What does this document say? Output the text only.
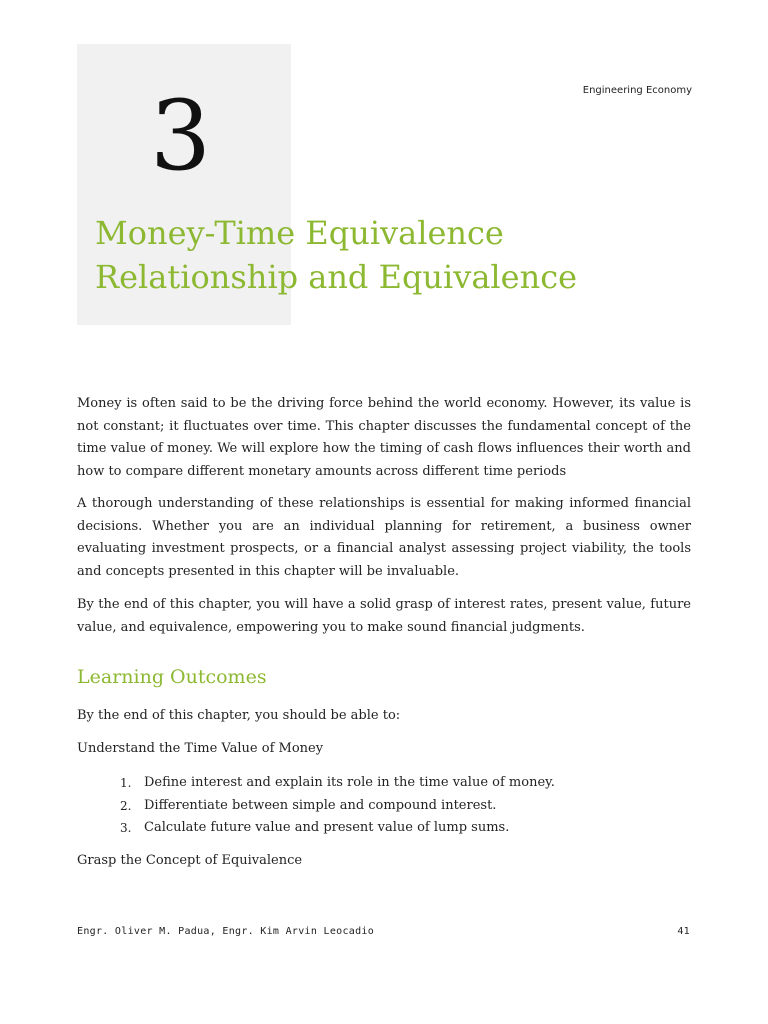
3	Engineering Economy
Money-Time Equivalence
Relationship and Equivalence

Money is often said to be the driving force behind the world economy. However, its value is not constant; it fluctuates over time. This chapter discusses the fundamental concept of the time value of money. We will explore how the timing of cash flows influences their worth and how to compare different monetary amounts across different time periods

A thorough understanding of these relationships is essential for making informed financial decisions. Whether you are an individual planning for retirement, a business owner evaluating investment prospects, or a financial analyst assessing project viability, the tools and concepts presented in this chapter will be invaluable.

By the end of this chapter, you will have a solid grasp of interest rates, present value, future value, and equivalence, empowering you to make sound financial judgments.

Learning Outcomes

By the end of this chapter, you should be able to:

Understand the Time Value of Money

1. Define interest and explain its role in the time value of money.
2. Differentiate between simple and compound interest.
3. Calculate future value and present value of lump sums.

Grasp the Concept of Equivalence

Engr. Oliver M. Padua, Engr. Kim Arvin Leocadio	41
